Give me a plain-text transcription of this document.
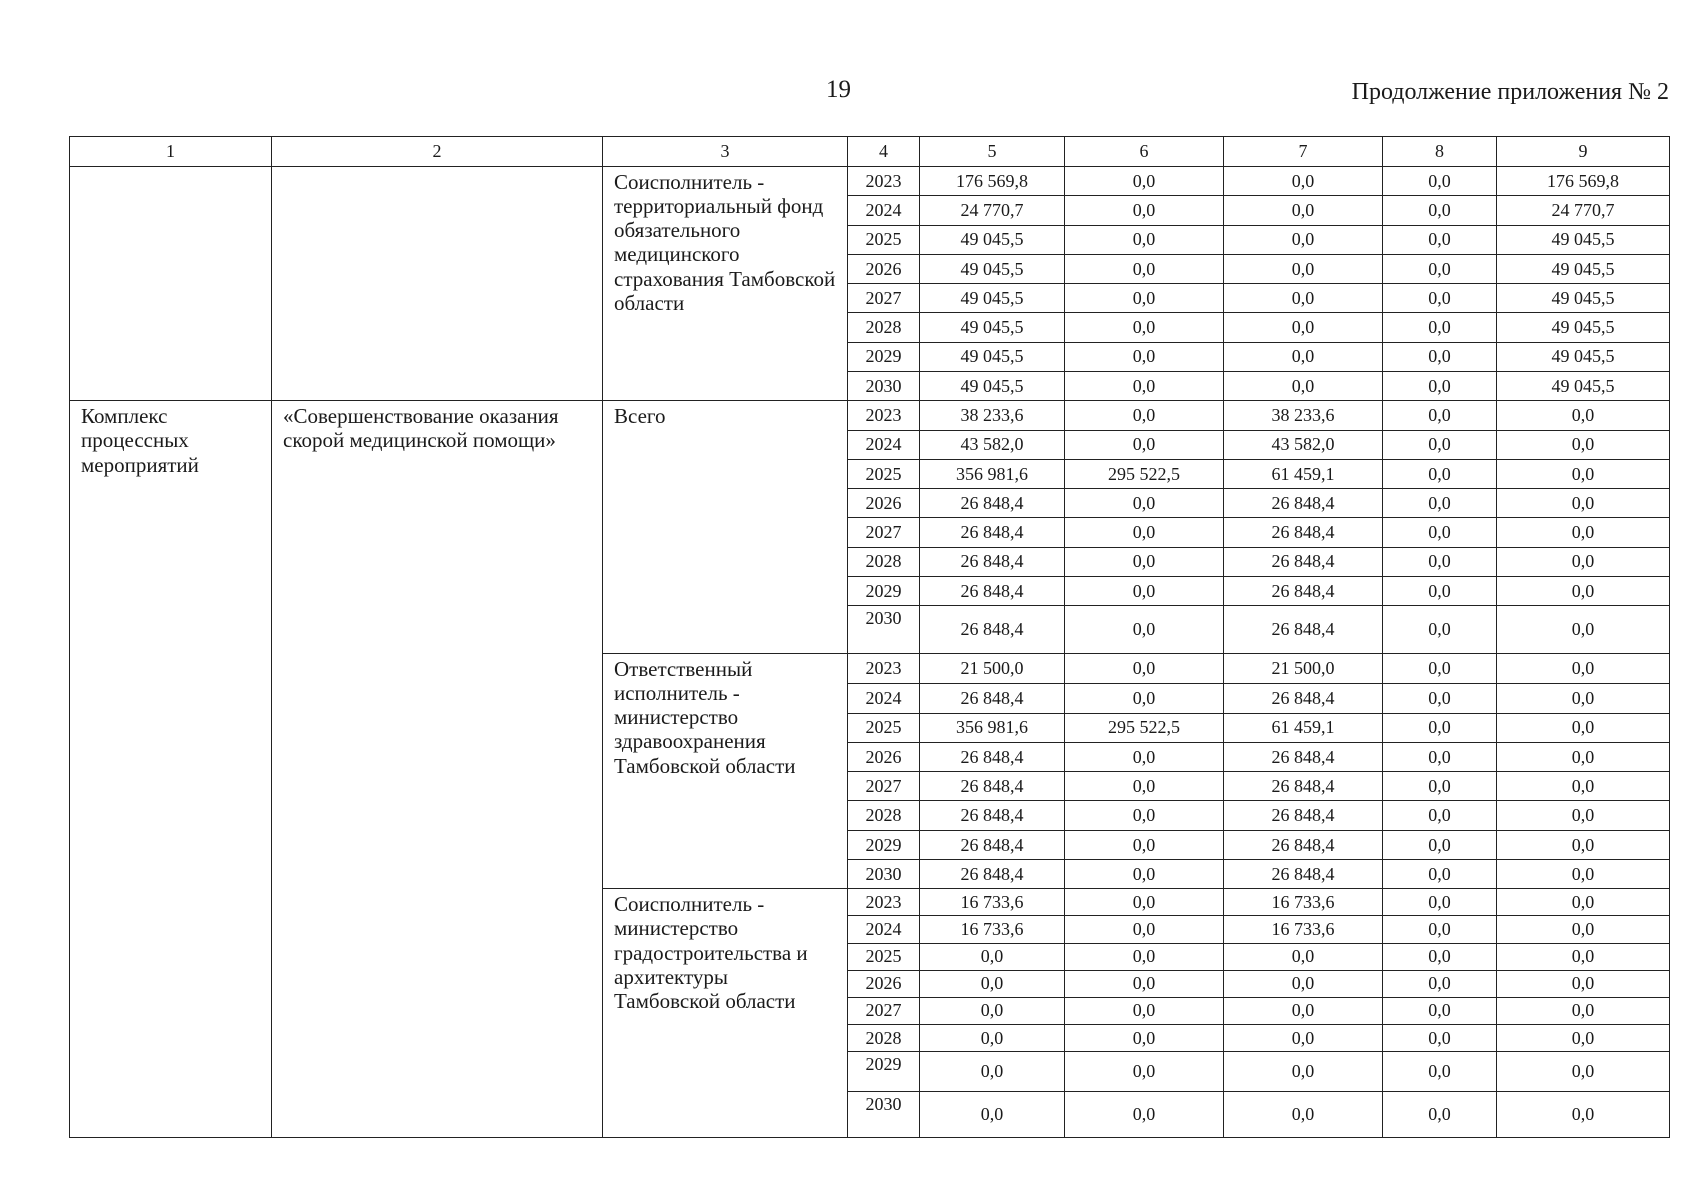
19	Продолжение приложения № 2
1	2	3	4	5	6	7	8	9
		Соисполнитель - территориальный фонд обязательного медицинского страхования Тамбовской области	2023	176 569,8	0,0	0,0	0,0	176 569,8
			2024	24 770,7	0,0	0,0	0,0	24 770,7
			2025	49 045,5	0,0	0,0	0,0	49 045,5
			2026	49 045,5	0,0	0,0	0,0	49 045,5
			2027	49 045,5	0,0	0,0	0,0	49 045,5
			2028	49 045,5	0,0	0,0	0,0	49 045,5
			2029	49 045,5	0,0	0,0	0,0	49 045,5
			2030	49 045,5	0,0	0,0	0,0	49 045,5
Комплекс процессных мероприятий	«Совершенствование оказания скорой медицинской помощи»	Всего	2023	38 233,6	0,0	38 233,6	0,0	0,0
			2024	43 582,0	0,0	43 582,0	0,0	0,0
			2025	356 981,6	295 522,5	61 459,1	0,0	0,0
			2026	26 848,4	0,0	26 848,4	0,0	0,0
			2027	26 848,4	0,0	26 848,4	0,0	0,0
			2028	26 848,4	0,0	26 848,4	0,0	0,0
			2029	26 848,4	0,0	26 848,4	0,0	0,0
			2030	26 848,4	0,0	26 848,4	0,0	0,0
		Ответственный исполнитель - министерство здравоохранения Тамбовской области	2023	21 500,0	0,0	21 500,0	0,0	0,0
			2024	26 848,4	0,0	26 848,4	0,0	0,0
			2025	356 981,6	295 522,5	61 459,1	0,0	0,0
			2026	26 848,4	0,0	26 848,4	0,0	0,0
			2027	26 848,4	0,0	26 848,4	0,0	0,0
			2028	26 848,4	0,0	26 848,4	0,0	0,0
			2029	26 848,4	0,0	26 848,4	0,0	0,0
			2030	26 848,4	0,0	26 848,4	0,0	0,0
		Соисполнитель - министерство градостроительства и архитектуры Тамбовской области	2023	16 733,6	0,0	16 733,6	0,0	0,0
			2024	16 733,6	0,0	16 733,6	0,0	0,0
			2025	0,0	0,0	0,0	0,0	0,0
			2026	0,0	0,0	0,0	0,0	0,0
			2027	0,0	0,0	0,0	0,0	0,0
			2028	0,0	0,0	0,0	0,0	0,0
			2029	0,0	0,0	0,0	0,0	0,0
			2030	0,0	0,0	0,0	0,0	0,0
